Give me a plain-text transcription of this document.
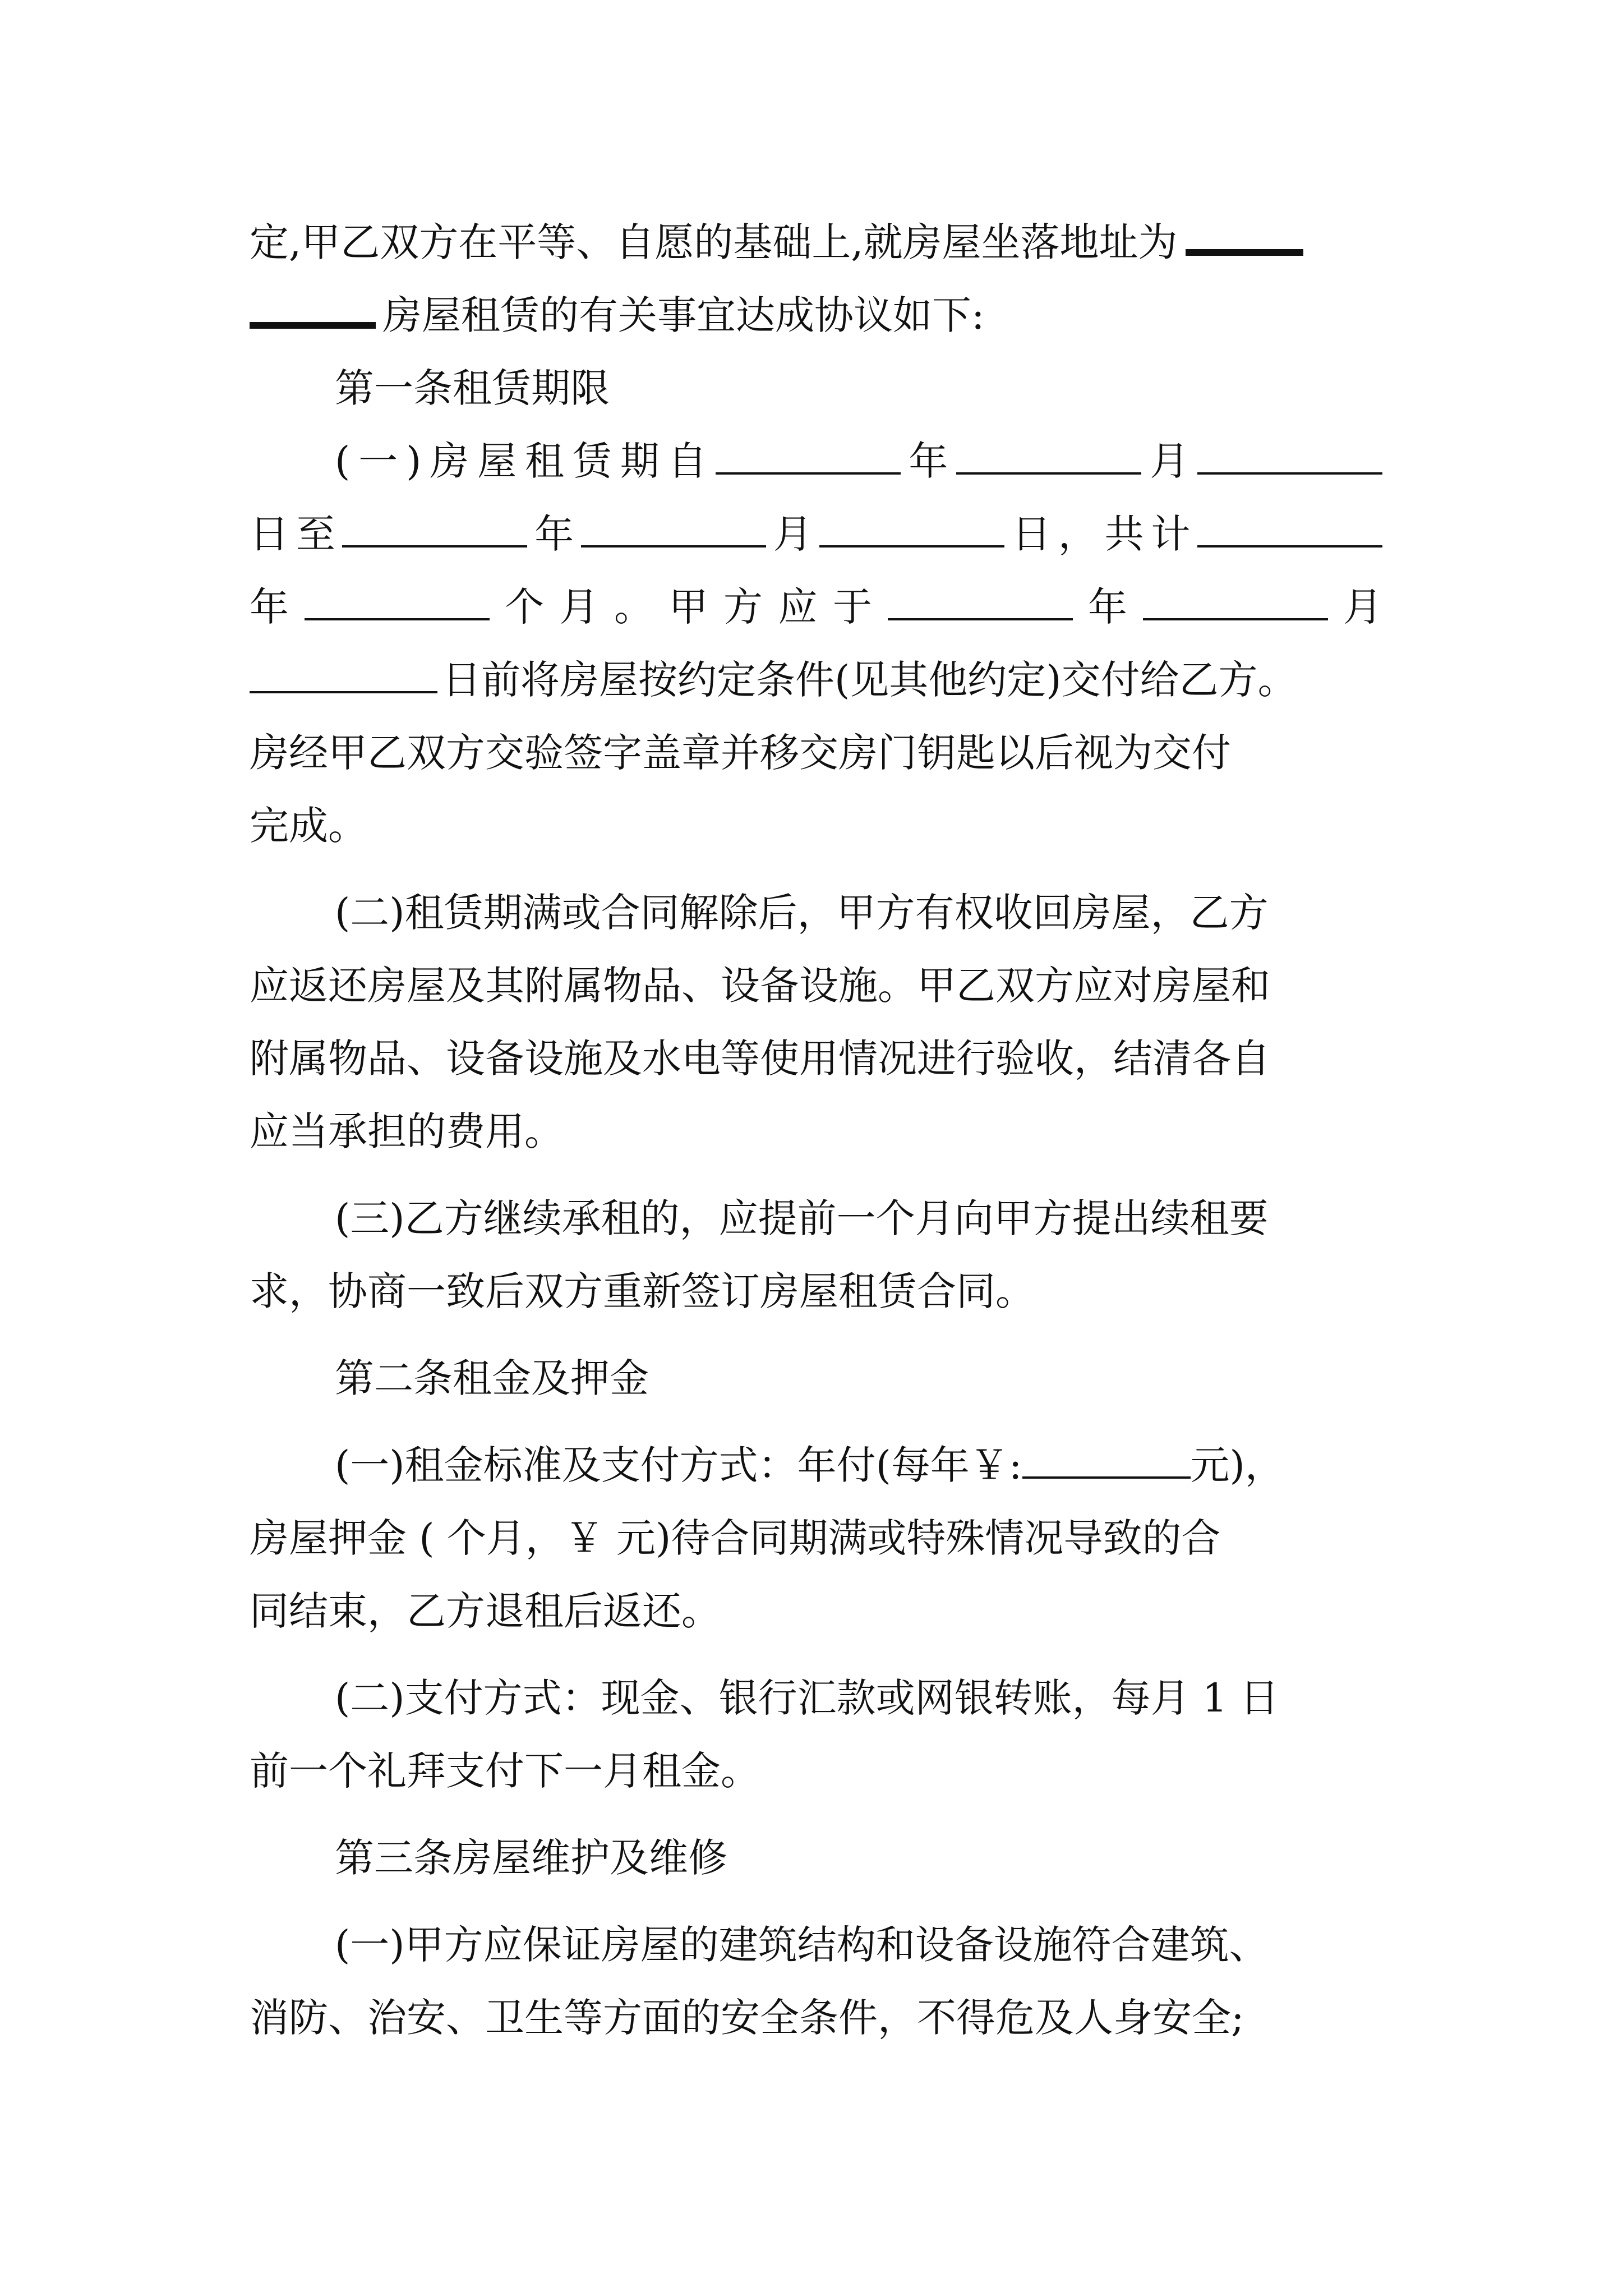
定,甲乙双方在平等、自愿的基础上,就房屋坐落地址为
房屋租赁的有关事宜达成协议如下:
第一条租赁期限
(一)房屋租赁期自	年	月
日至	年	月	日，共计
年	个月。甲方应于	年	月
日前将房屋按约定条件(见其他约定)交付给乙方。
房经甲乙双方交验签字盖章并移交房门钥匙以后视为交付
完成。
(二)租赁期满或合同解除后，甲方有权收回房屋，乙方
应返还房屋及其附属物品、设备设施。甲乙双方应对房屋和
附属物品、设备设施及水电等使用情况进行验收，结清各自
应当承担的费用。
(三)乙方继续承租的，应提前一个月向甲方提出续租要
求，协商一致后双方重新签订房屋租赁合同。
第二条租金及押金
(一)租金标准及支付方式：年付(每年￥:	元)，
房屋押金 ( 个月，￥ 元)待合同期满或特殊情况导致的合
同结束，乙方退租后返还。
(二)支付方式：现金、银行汇款或网银转账，每月 1 日
前一个礼拜支付下一月租金。
第三条房屋维护及维修
(一)甲方应保证房屋的建筑结构和设备设施符合建筑、
消防、治安、卫生等方面的安全条件，不得危及人身安全;
